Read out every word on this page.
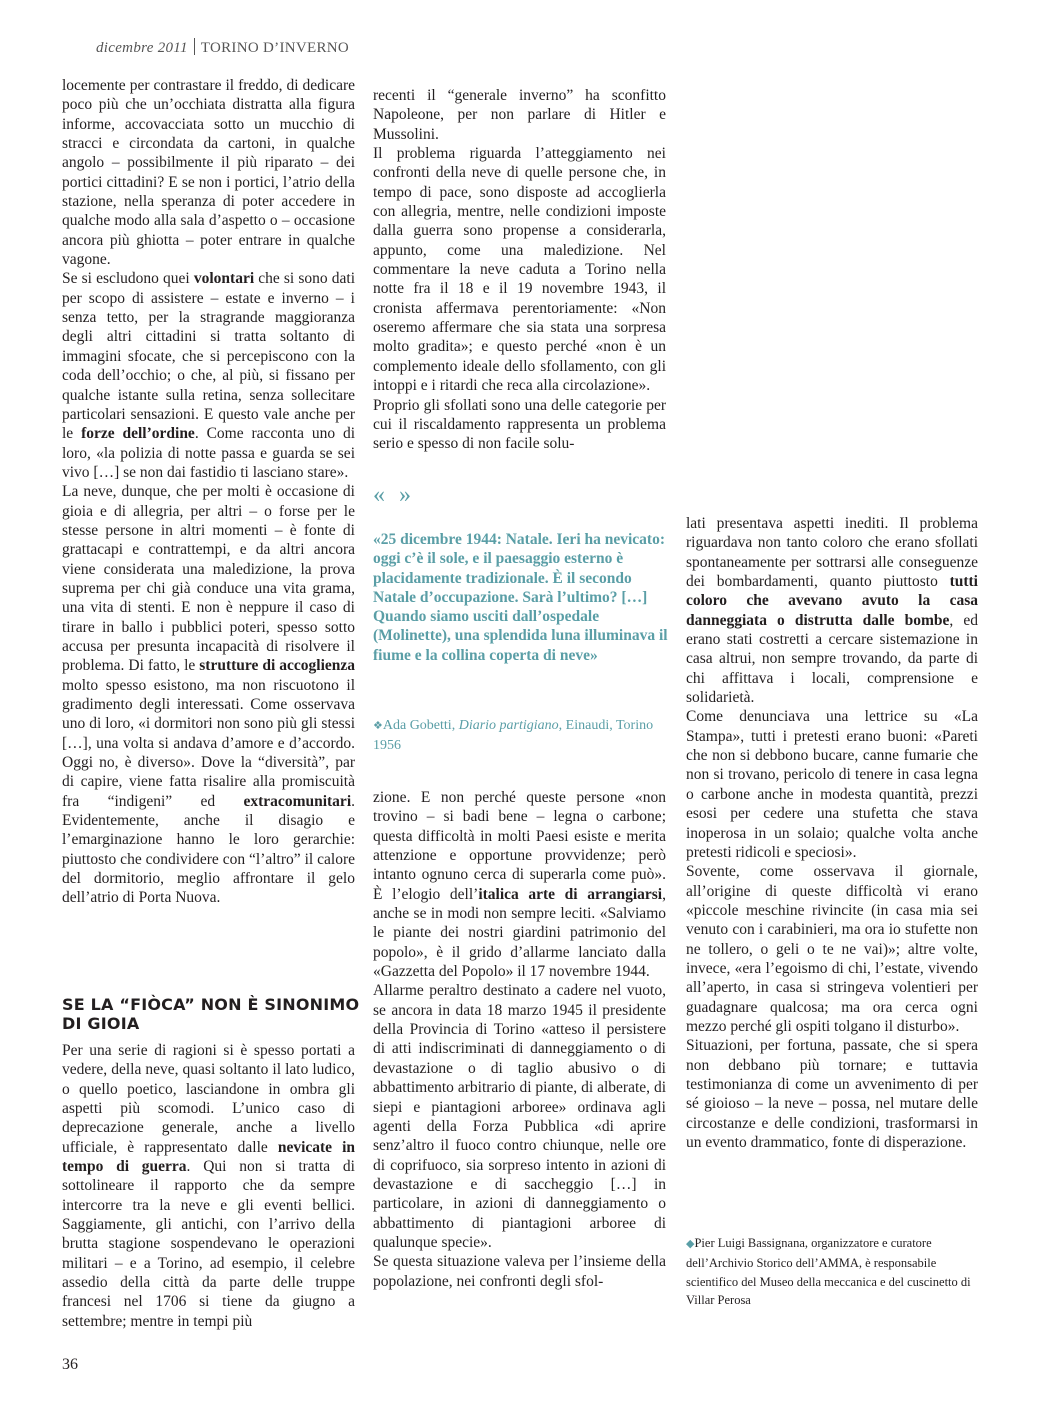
dicembre 2011 TORINO D’INVERNO

locemente per contrastare il freddo, di dedicare poco più che un’occhiata distratta alla figura informe, accovacciata sotto un mucchio di stracci e circondata da cartoni, in qualche angolo – possibilmente il più riparato – dei portici cittadini? E se non i portici, l’atrio della stazione, nella speranza di poter accedere in qualche modo alla sala d’aspetto o – occasione ancora più ghiotta – poter entrare in qualche vagone.

Se si escludono quei volontari che si sono dati per scopo di assistere – estate e inverno – i senza tetto, per la stragrande maggioranza degli altri cittadini si tratta soltanto di immagini sfocate, che si percepiscono con la coda dell’occhio; o che, al più, si fissano per qualche istante sulla retina, senza sollecitare particolari sensazioni. E questo vale anche per le forze dell’ordine. Come racconta uno di loro, «la polizia di notte passa e guarda se sei vivo […] se non dai fastidio ti lasciano stare».

La neve, dunque, che per molti è occasione di gioia e di allegria, per altri – o forse per le stesse persone in altri momenti – è fonte di grattacapi e contrattempi, e da altri ancora viene considerata una maledizione, la prova suprema per chi già conduce una vita grama, una vita di stenti. E non è neppure il caso di tirare in ballo i pubblici poteri, spesso sotto accusa per presunta incapacità di risolvere il problema. Di fatto, le strutture di accoglienza molto spesso esistono, ma non riscuotono il gradimento degli interessati. Come osservava uno di loro, «i dormitori non sono più gli stessi […], una volta si andava d’amore e d’accordo. Oggi no, è diverso». Dove la “diversità”, par di capire, viene fatta risalire alla promiscuità fra “indigeni” ed extracomunitari. Evidentemente, anche il disagio e l’emarginazione hanno le loro gerarchie: piuttosto che condividere con “l’altro” il calore del dormitorio, meglio affrontare il gelo dell’atrio di Porta Nuova.

SE LA “FIÒCA” NON È SINONIMO DI GIOIA

Per una serie di ragioni si è spesso portati a vedere, della neve, quasi soltanto il lato ludico, o quello poetico, lasciandone in ombra gli aspetti più scomodi. L’unico caso di deprecazione generale, anche a livello ufficiale, è rappresentato dalle nevicate in tempo di guerra. Qui non si tratta di sottolineare il rapporto che da sempre intercorre tra la neve e gli eventi bellici. Saggiamente, gli antichi, con l’arrivo della brutta stagione sospendevano le operazioni militari – e a Torino, ad esempio, il celebre assedio della città da parte delle truppe francesi nel 1706 si tiene da giugno a settembre; mentre in tempi più

recenti il “generale inverno” ha sconfitto Napoleone, per non parlare di Hitler e Mussolini.

Il problema riguarda l’atteggiamento nei confronti della neve di quelle persone che, in tempo di pace, sono disposte ad accoglierla con allegria, mentre, nelle condizioni imposte dalla guerra sono propense a considerarla, appunto, come una maledizione. Nel commentare la neve caduta a Torino nella notte fra il 18 e il 19 novembre 1943, il cronista affermava perentoriamente: «Non oseremo affermare che sia stata una sorpresa molto gradita»; e questo perché «non è un complemento ideale dello sfollamento, con gli intoppi e i ritardi che reca alla circolazione».

Proprio gli sfollati sono una delle categorie per cui il riscaldamento rappresenta un problema serio e spesso di non facile solu-

« »
«25 dicembre 1944: Natale. Ieri ha nevicato: oggi c’è il sole, e il paesaggio esterno è placidamente tradizionale. È il secondo Natale d’occupazione. Sarà l’ultimo? […] Quando siamo usciti dall’ospedale (Molinette), una splendida luna illuminava il fiume e la collina coperta di neve»
❖Ada Gobetti, Diario partigiano, Einaudi, Torino 1956

zione. E non perché queste persone «non trovino – si badi bene – legna o carbone; questa difficoltà in molti Paesi esiste e merita attenzione e opportune provvidenze; però intanto ognuno cerca di superarla come può». È l’elogio dell’italica arte di arrangiarsi, anche se in modi non sempre leciti. «Salviamo le piante dei nostri giardini patrimonio del popolo», è il grido d’allarme lanciato dalla «Gazzetta del Popolo» il 17 novembre 1944.

Allarme peraltro destinato a cadere nel vuoto, se ancora in data 18 marzo 1945 il presidente della Provincia di Torino «atteso il persistere di atti indiscriminati di danneggiamento o di devastazione o di taglio abusivo o di abbattimento arbitrario di piante, di alberate, di siepi e piantagioni arboree» ordinava agli agenti della Forza Pubblica «di aprire senz’altro il fuoco contro chiunque, nelle ore di coprifuoco, sia sorpreso intento in azioni di devastazione e di saccheggio […] in particolare, in azioni di danneggiamento o abbattimento di piantagioni arboree di qualunque specie».

Se questa situazione valeva per l’insieme della popolazione, nei confronti degli sfol-

lati presentava aspetti inediti. Il problema riguardava non tanto coloro che erano sfollati spontaneamente per sottrarsi alle conseguenze dei bombardamenti, quanto piuttosto tutti coloro che avevano avuto la casa danneggiata o distrutta dalle bombe, ed erano stati costretti a cercare sistemazione in casa altrui, non sempre trovando, da parte di chi affittava i locali, comprensione e solidarietà.

Come denunciava una lettrice su «La Stampa», tutti i pretesti erano buoni: «Pareti che non si debbono bucare, canne fumarie che non si trovano, pericolo di tenere in casa legna o carbone anche in modesta quantità, prezzi esosi per cedere una stufetta che stava inoperosa in un solaio; qualche volta anche pretesti ridicoli e speciosi».

Sovente, come osservava il giornale, all’origine di queste difficoltà vi erano «piccole meschine rivincite (in casa mia sei venuto con i carabinieri, ma ora io stufette non ne tollero, o geli o te ne vai)»; altre volte, invece, «era l’egoismo di chi, l’estate, vivendo all’aperto, in casa si stringeva volentieri per guadagnare qualcosa; ma ora cerca ogni mezzo perché gli ospiti tolgano il disturbo».

Situazioni, per fortuna, passate, che si spera non debbano più tornare; e tuttavia testimonianza di come un avvenimento di per sé gioioso – la neve – possa, nel mutare delle circostanze e delle condizioni, trasformarsi in un evento drammatico, fonte di disperazione.

◆Pier Luigi Bassignana, organizzatore e curatore dell’Archivio Storico dell’AMMA, è responsabile scientifico del Museo della meccanica e del cuscinetto di Villar Perosa
36
